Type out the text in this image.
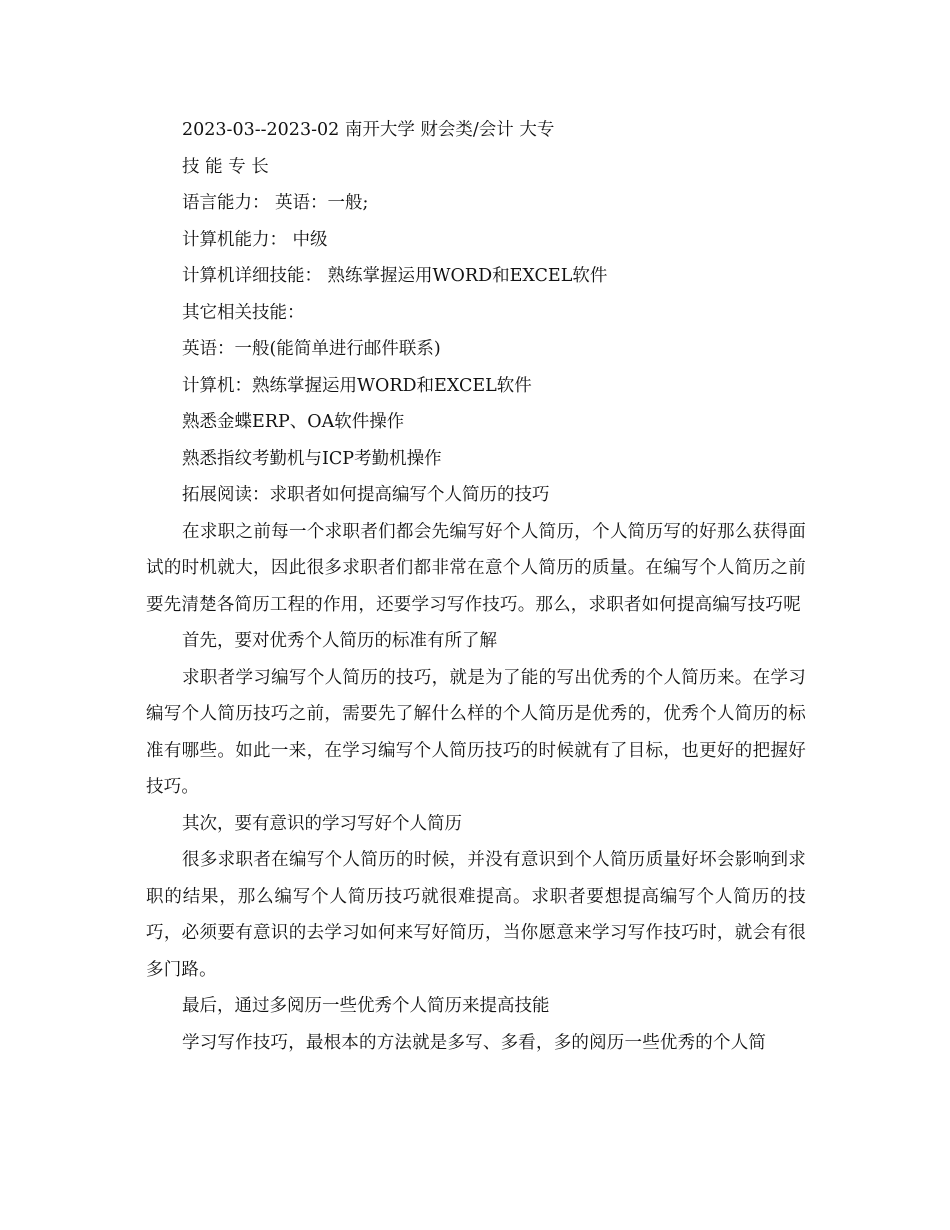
2023-03--2023-02 南开大学 财会类/会计 大专

技 能 专 长

语言能力： 英语：一般;

计算机能力： 中级

计算机详细技能： 熟练掌握运用WORD和EXCEL软件

其它相关技能：

英语：一般(能简单进行邮件联系)

计算机：熟练掌握运用WORD和EXCEL软件

熟悉金蝶ERP、OA软件操作

熟悉指纹考勤机与ICP考勤机操作

拓展阅读：求职者如何提高编写个人简历的技巧

在求职之前每一个求职者们都会先编写好个人简历，个人简历写的好那么获得面试的时机就大，因此很多求职者们都非常在意个人简历的质量。在编写个人简历之前要先清楚各简历工程的作用，还要学习写作技巧。那么，求职者如何提高编写技巧呢

首先，要对优秀个人简历的标准有所了解

求职者学习编写个人简历的技巧，就是为了能的写出优秀的个人简历来。在学习编写个人简历技巧之前，需要先了解什么样的个人简历是优秀的，优秀个人简历的标准有哪些。如此一来，在学习编写个人简历技巧的时候就有了目标，也更好的把握好技巧。

其次，要有意识的学习写好个人简历

很多求职者在编写个人简历的时候，并没有意识到个人简历质量好坏会影响到求职的结果，那么编写个人简历技巧就很难提高。求职者要想提高编写个人简历的技巧，必须要有意识的去学习如何来写好简历，当你愿意来学习写作技巧时，就会有很多门路。

最后，通过多阅历一些优秀个人简历来提高技能

学习写作技巧，最根本的方法就是多写、多看，多的阅历一些优秀的个人简
